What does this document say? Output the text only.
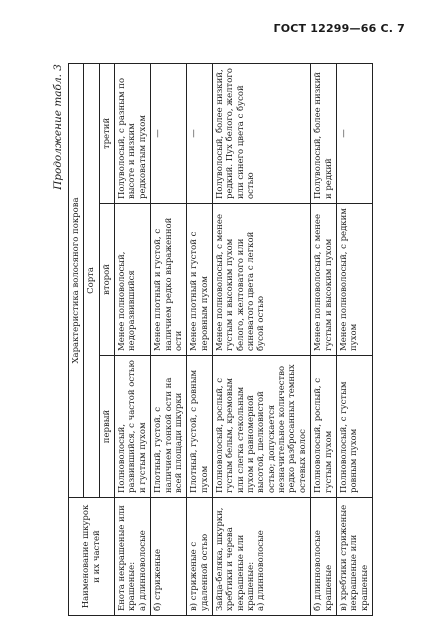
ГОСТ 12299—66 С. 7
Продолжение табл. 3
Наименование шкурок и их частей	Характеристика волосяного покрова		
	Сорта		
	первый	второй	третий
Енота некрашеные или крашеные:
а) длинноволосые	Полноволосый, развившийся, с частой остью и густым пухом	Менее полноволосый, недоразвившийся	Полуволосый, с разным по высоте и низким редковатым пухом
б) стриженые	Плотный, густой, с наличием тонкой ости на всей площади шкурки	Менее плотный и густой, с наличием редко выраженной ости	—
в) стриженые с удаленной остью	Плотный, густой, с ровным пухом	Менее плотный и густой с неровным пухом	—
Зайца-беляка, шкурки, хребтики и черева некрашеные или крашеные:
а) длинноволосые	Полноволосый, рослый, с густым белым, кремовым или слегка стекольным пухом и равномерной высотой, шелковистой остью; допускается незначительное количество редко разбросанных темных остевых волос	Менее полноволосый, с менее густым и высоким пухом белого, желтоватого или синеватого цвета с легкой бусой остью	Полуволосый, более низкий, редкий. Пух белого, желтого или синего цвета с бусой остью
б) длинноволосые крашеные	Полноволосый, рослый, с густым пухом	Менее полноволосый, с менее густым и высоким пухом	Полуволосый, более низкий и редкий
в) хребтики стриженые некрашеные или крашеные	Полноволосый, с густым ровным пухом	Менее полноволосый, с редким пухом	—
